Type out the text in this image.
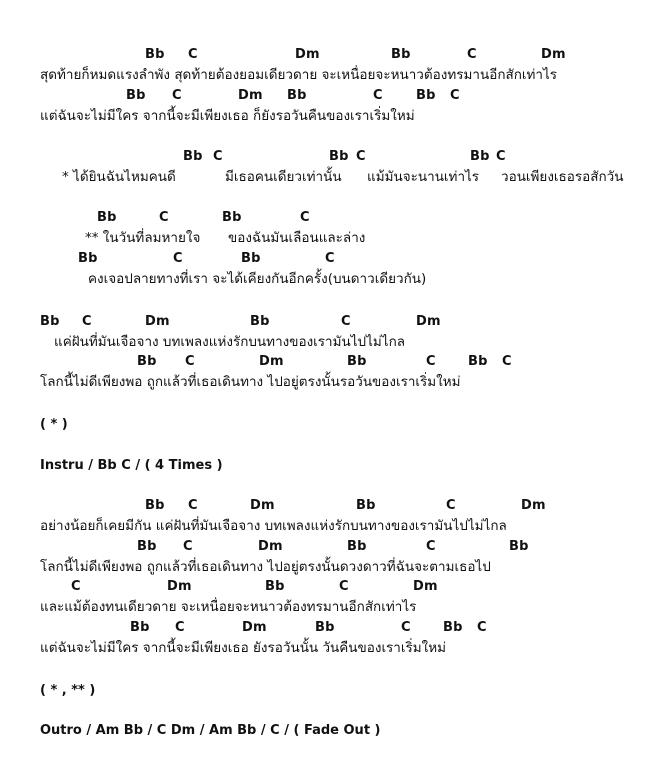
Bb C	Dm	Bb	C	Dm
สุดท้ายก็หมดแรงลำพัง สุดท้ายต้องยอมเดียวดาย จะเหนื่อยจะหนาวต้องทรมานอีกสักเท่าไร
Bb C	Dm Bb	C	Bb C
แต่ฉันจะไม่มีใคร จากนี้จะมีเพียงเธอ ก็ยังรอวันคืนของเราเริ่มใหม่
Bb C	Bb C	Bb C
* ได้ยินฉันไหมคนดี	มีเธอคนเดียวเท่านั้น แม้มันจะนานเท่าไร วอนเพียงเธอรอสักวัน
Bb	C	Bb	C
** ในวันที่ลมหายใจ ของฉันมันเลือนและล่าง
Bb	C	Bb	C
คงเจอปลายทางที่เรา จะได้เคียงกันอีกครั้ง(บนดาวเดียวกัน)
Bb C	Dm	Bb	C	Dm
แค่ฝันที่มันเจือจาง บทเพลงแห่งรักบนทางของเรามันไปไม่ไกล
Bb C	Dm	Bb	C Bb C
โลกนี้ไม่ดีเพียงพอ ถูกแล้วที่เธอเดินทาง ไปอยู่ตรงนั้นรอวันของเราเริ่มใหม่
( * )
Instru / Bb C / ( 4 Times )
Bb C	Dm	Bb	C	Dm
อย่างน้อยก็เคยมีกัน แค่ฝันที่มันเจือจาง บทเพลงแห่งรักบนทางของเรามันไปไม่ไกล
Bb C	Dm	Bb	C	Bb
โลกนี้ไม่ดีเพียงพอ ถูกแล้วที่เธอเดินทาง ไปอยู่ตรงนั้นดวงดาวที่ฉันจะตามเธอไป
C	Dm	Bb	C	Dm
และแม้ต้องทนเดียวดาย จะเหนื่อยจะหนาวต้องทรมานอีกสักเท่าไร
Bb C	Dm	Bb	C Bb C
แต่ฉันจะไม่มีใคร จากนี้จะมีเพียงเธอ ยังรอวันนั้น วันคืนของเราเริ่มใหม่
( * , ** )
Outro / Am Bb / C Dm / Am Bb / C / ( Fade Out )
